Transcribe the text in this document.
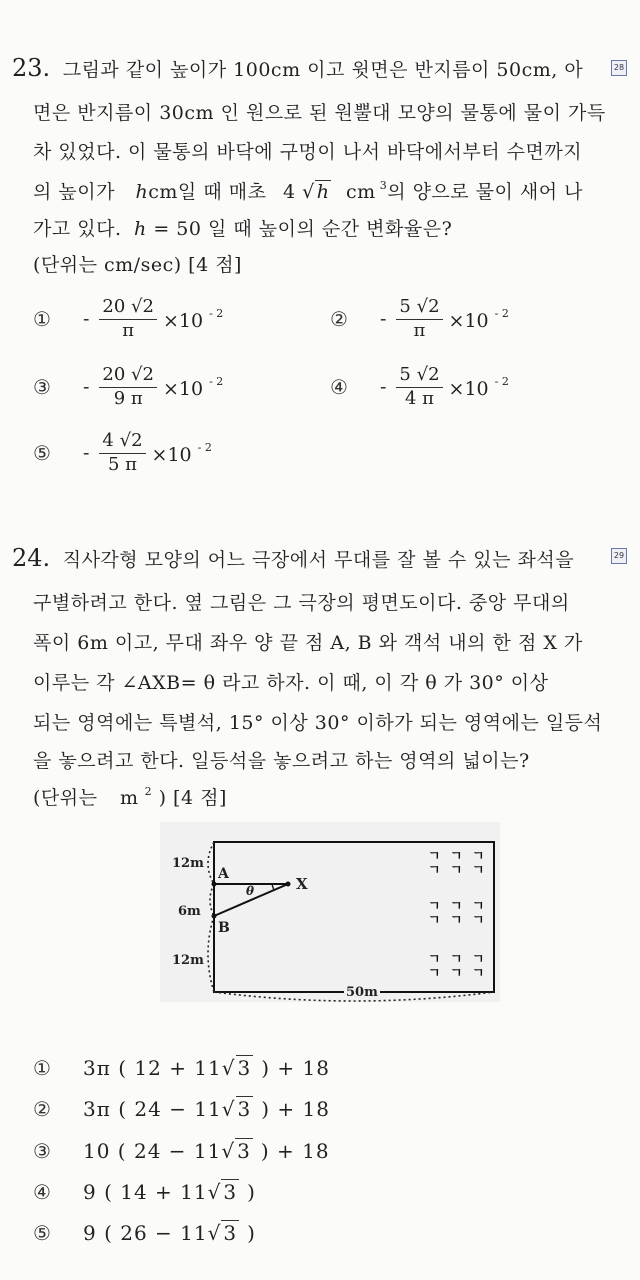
23. 그림과 같이 높이가 100cm 이고 윗면은 반지름이 50cm, 아	28
면은 반지름이 30cm 인 원으로 된 원뿔대 모양의 물통에 물이 가득
차 있었다. 이 물통의 바닥에 구멍이 나서 바닥에서부터 수면까지
의 높이가 hcm일 때 매초 4 √ h cm $^3$의 양으로 물이 새어 나
가고 있다. h = 50 일 때 높이의 순간 변화율은?
(단위는 cm/sec) [4 점]
①	- $\frac{20 √2}{\pi} \times 10$ $^{- 2}$	②	- $\frac{5 √2}{\pi} \times 10$ $^{- 2}$
③	- $\frac{20 √2}{9 \pi} \times 10$ $^{- 2}$	④	- $\frac{5 √2}{4 \pi} \times 10$ $^{- 2}$
⑤	- $\frac{4 √2}{5 \pi} \times 10$ $^{- 2}$
24. 직사각형 모양의 어느 극장에서 무대를 잘 볼 수 있는 좌석을	29
구별하려고 한다. 옆 그림은 그 극장의 평면도이다. 중앙 무대의
폭이 6m 이고, 무대 좌우 양 끝 점 A, B 와 객석 내의 한 점 X 가
이루는 각 ∠AXB= θ 라고 하자. 이 때, 이 각 θ 가 30° 이상
되는 영역에는 특별석, 15° 이상 30° 이하가 되는 영역에는 일등석
을 놓으려고 한다. 일등석을 놓으려고 하는 영역의 넓이는?
(단위는 m $^2$ ) [4 점]
ㄱ ㄱ ㄱ
ㄱ ㄱ ㄱ
ㄱ ㄱ ㄱ
ㄱ ㄱ ㄱ
ㄱ ㄱ ㄱ
ㄱ ㄱ ㄱ
12m
6m
12m
50m
A
B
X
θ
①	3π ( 12 + 11 √ 3 ) + 18
②	3π ( 24 − 11 √ 3 ) + 18
③	10 ( 24 − 11 √ 3 ) + 18
④	9 ( 14 + 11 √ 3 )
⑤	9 ( 26 − 11 √ 3 )
